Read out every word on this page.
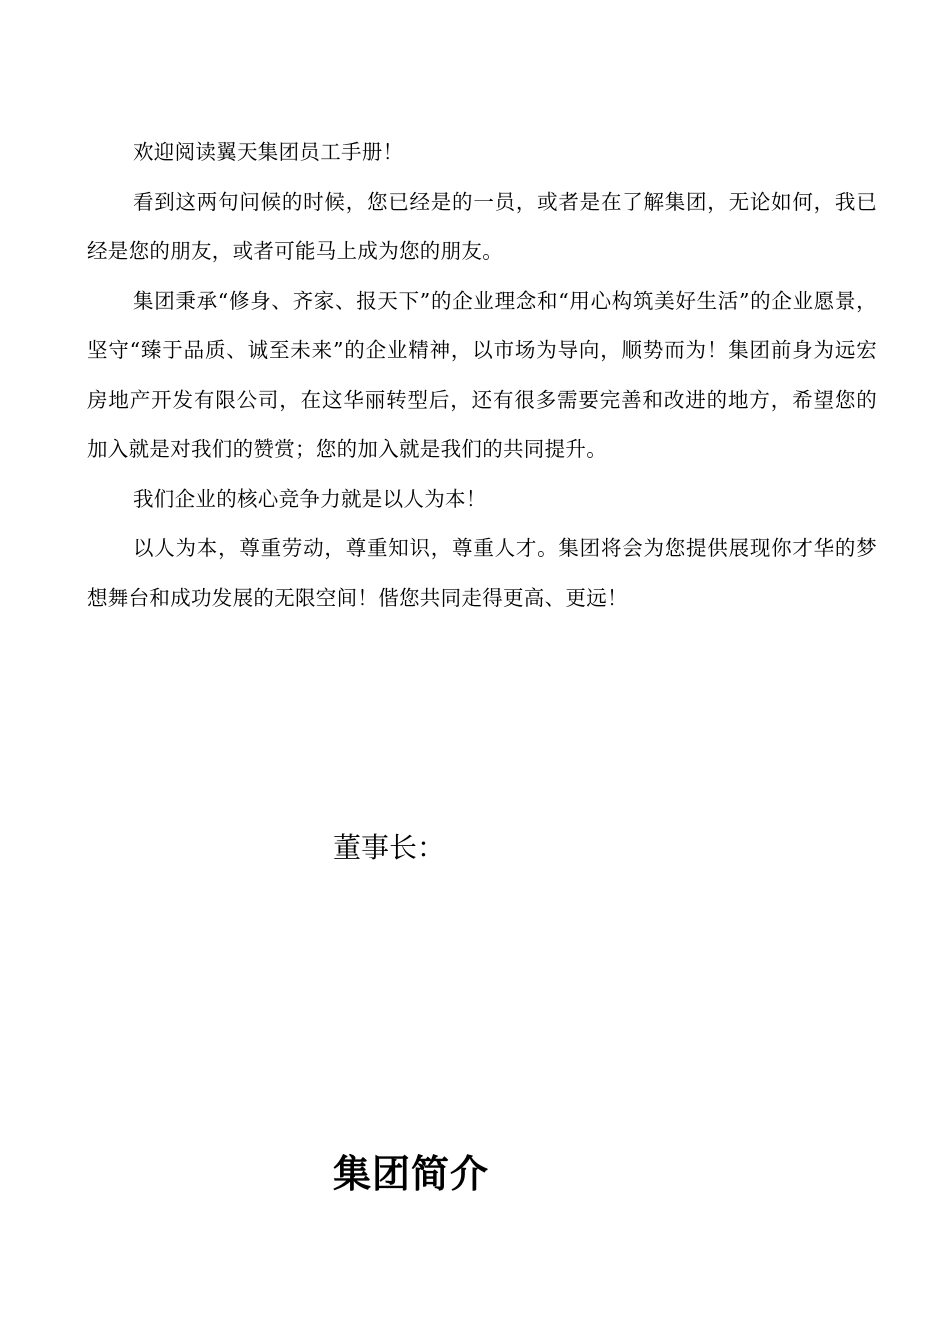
欢迎阅读翼天集团员工手册！

看到这两句问候的时候，您已经是的一员，或者是在了解集团，无论如何，我已经是您的朋友，或者可能马上成为您的朋友。

集团秉承“修身、齐家、报天下”的企业理念和“用心构筑美好生活”的企业愿景，坚守“臻于品质、诚至未来”的企业精神，以市场为导向，顺势而为！集团前身为远宏房地产开发有限公司，在这华丽转型后，还有很多需要完善和改进的地方，希望您的加入就是对我们的赞赏；您的加入就是我们的共同提升。

我们企业的核心竞争力就是以人为本！

以人为本，尊重劳动，尊重知识，尊重人才。集团将会为您提供展现你才华的梦想舞台和成功发展的无限空间！偕您共同走得更高、更远！

董事长：
集团简介
